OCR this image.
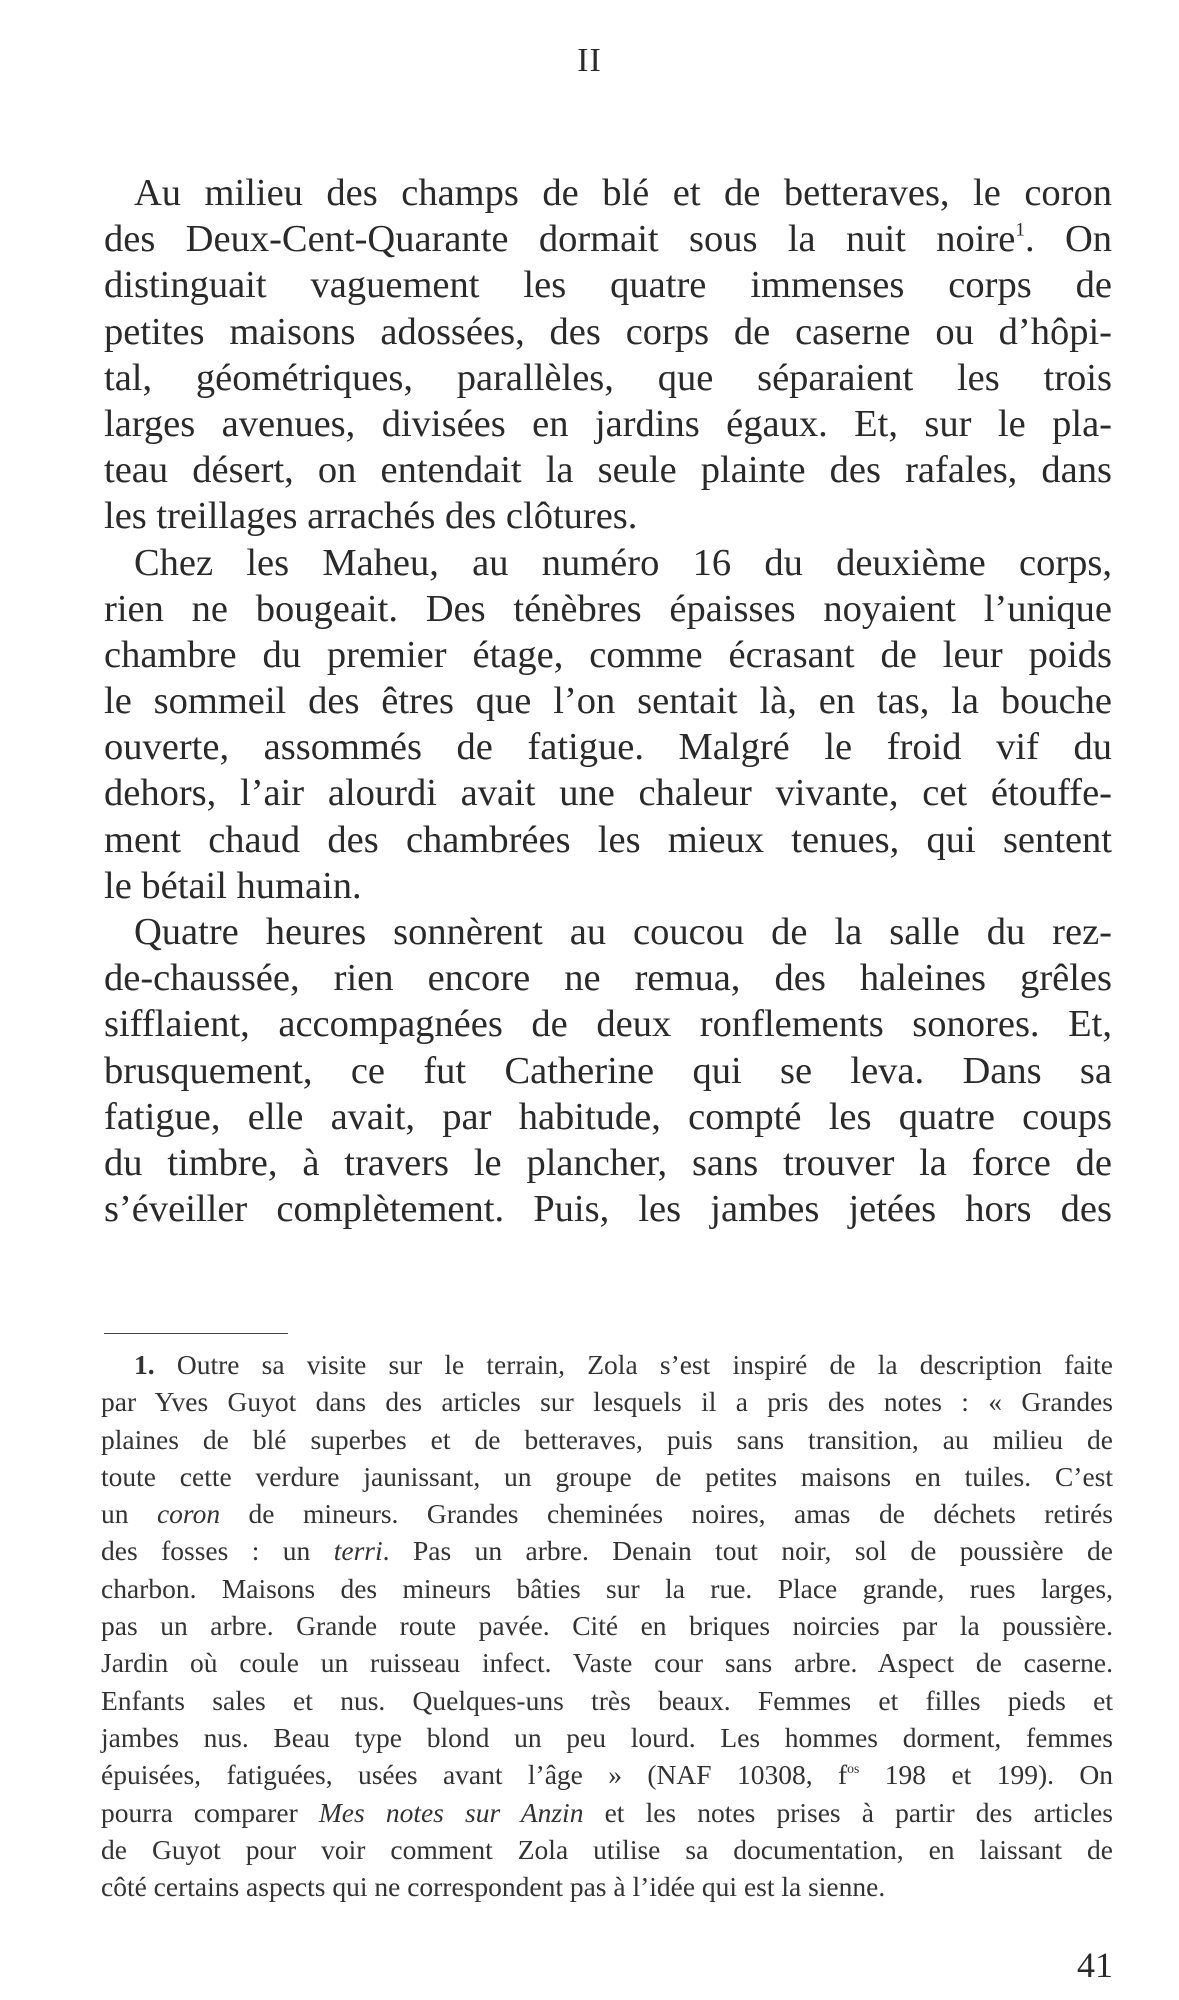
II
Au milieu des champs de blé et de betteraves, le coron
des Deux-Cent-Quarante dormait sous la nuit noire$^1$. On
distinguait vaguement les quatre immenses corps de
petites maisons adossées, des corps de caserne ou d’hôpi-
tal, géométriques, parallèles, que séparaient les trois
larges avenues, divisées en jardins égaux. Et, sur le pla-
teau désert, on entendait la seule plainte des rafales, dans
les treillages arrachés des clôtures.
Chez les Maheu, au numéro 16 du deuxième corps,
rien ne bougeait. Des ténèbres épaisses noyaient l’unique
chambre du premier étage, comme écrasant de leur poids
le sommeil des êtres que l’on sentait là, en tas, la bouche
ouverte, assommés de fatigue. Malgré le froid vif du
dehors, l’air alourdi avait une chaleur vivante, cet étouffe-
ment chaud des chambrées les mieux tenues, qui sentent
le bétail humain.
Quatre heures sonnèrent au coucou de la salle du rez-
de-chaussée, rien encore ne remua, des haleines grêles
sifflaient, accompagnées de deux ronflements sonores. Et,
brusquement, ce fut Catherine qui se leva. Dans sa
fatigue, elle avait, par habitude, compté les quatre coups
du timbre, à travers le plancher, sans trouver la force de
s’éveiller complètement. Puis, les jambes jetées hors des
1. Outre sa visite sur le terrain, Zola s’est inspiré de la description faite
par Yves Guyot dans des articles sur lesquels il a pris des notes : « Grandes
plaines de blé superbes et de betteraves, puis sans transition, au milieu de
toute cette verdure jaunissant, un groupe de petites maisons en tuiles. C’est
un coron de mineurs. Grandes cheminées noires, amas de déchets retirés
des fosses : un terri. Pas un arbre. Denain tout noir, sol de poussière de
charbon. Maisons des mineurs bâties sur la rue. Place grande, rues larges,
pas un arbre. Grande route pavée. Cité en briques noircies par la poussière.
Jardin où coule un ruisseau infect. Vaste cour sans arbre. Aspect de caserne.
Enfants sales et nus. Quelques-uns très beaux. Femmes et filles pieds et
jambes nus. Beau type blond un peu lourd. Les hommes dorment, femmes
épuisées, fatiguées, usées avant l’âge » (NAF 10308, $f^{os}$ 198 et 199). On
pourra comparer Mes notes sur Anzin et les notes prises à partir des articles
de Guyot pour voir comment Zola utilise sa documentation, en laissant de
côté certains aspects qui ne correspondent pas à l’idée qui est la sienne.
41
